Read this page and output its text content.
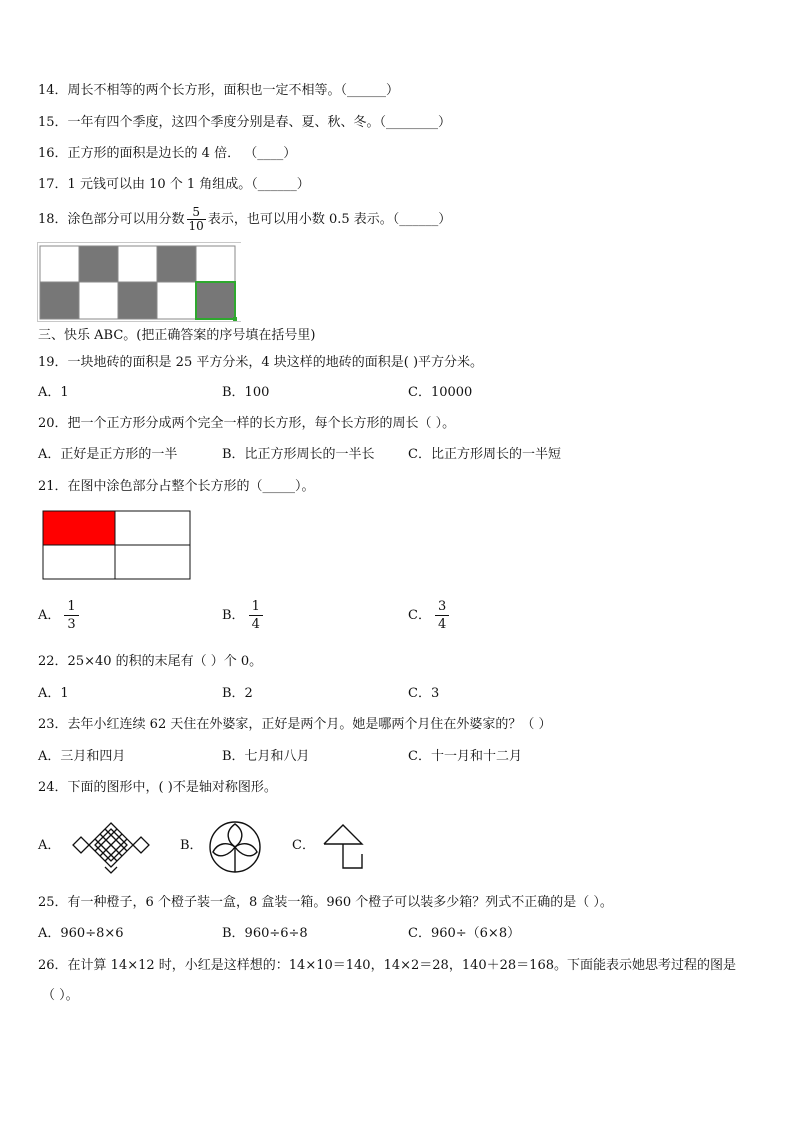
14．周长不相等的两个长方形，面积也一定不相等。（______）
15．一年有四个季度，这四个季度分别是春、夏、秋、冬。（________）
16．正方形的面积是边长的 4 倍． （____）
17．1 元钱可以由 10 个 1 角组成。（______）
18．涂色部分可以用分数 $\frac{5}{10}$ 表示，也可以用小数 0.5 表示。（______）
三、快乐 ABC。(把正确答案的序号填在括号里)
19．一块地砖的面积是 25 平方分米，4 块这样的地砖的面积是( )平方分米。
A．1	B．100	C．10000
20．把一个正方形分成两个完全一样的长方形，每个长方形的周长（ ）。
A．正好是正方形的一半	B．比正方形周长的一半长	C．比正方形周长的一半短
21．在图中涂色部分占整个长方形的（_____）。
A． $\frac{1}{3}$	B． $\frac{1}{4}$	C． $\frac{3}{4}$
22．25×40 的积的末尾有（ ）个 0。
A．1	B．2	C．3
23．去年小红连续 62 天住在外婆家，正好是两个月。她是哪两个月住在外婆家的？（ ）
A．三月和四月	B．七月和八月	C．十一月和十二月
24．下面的图形中，( )不是轴对称图形。
A．	B．	C．
25．有一种橙子，6 个橙子装一盒，8 盒装一箱。960 个橙子可以装多少箱？列式不正确的是（ ）。
A．960÷8×6	B．960÷6÷8	C．960÷（6×8）
26．在计算 14×12 时，小红是这样想的：14×10＝140，14×2＝28，140＋28＝168。下面能表示她思考过程的图是
（ ）。
